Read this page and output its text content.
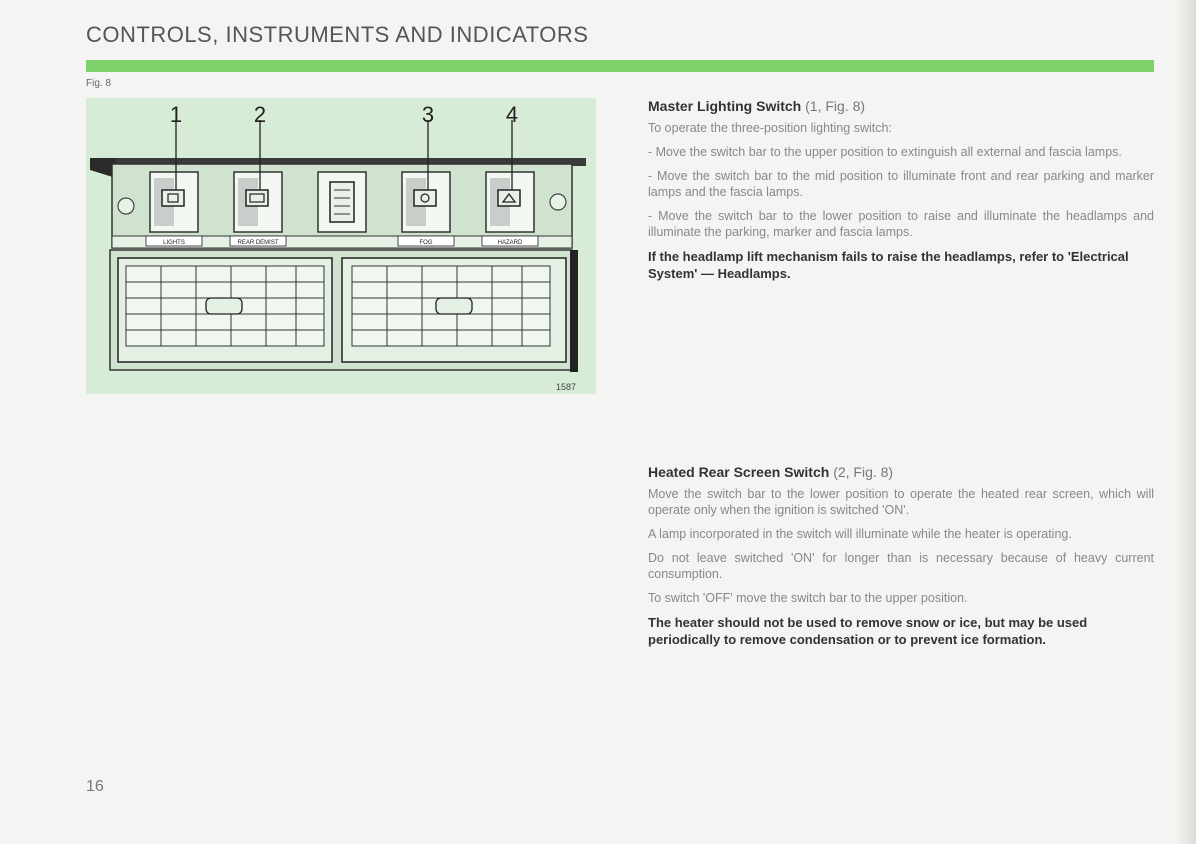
CONTROLS, INSTRUMENTS AND INDICATORS
Fig. 8
1	2	3	4
LIGHTS	REAR DEMIST	FOG	HAZARD
1587
Master Lighting Switch (1, Fig. 8)

To operate the three-position lighting switch:

- Move the switch bar to the upper position to extinguish all external and fascia lamps.

- Move the switch bar to the mid position to illuminate front and rear parking and marker lamps and the fascia lamps.

- Move the switch bar to the lower position to raise and illuminate the headlamps and illuminate the parking, marker and fascia lamps.

If the headlamp lift mechanism fails to raise the headlamps, refer to 'Electrical System' — Headlamps.

Heated Rear Screen Switch (2, Fig. 8)

Move the switch bar to the lower position to operate the heated rear screen, which will operate only when the ignition is switched 'ON'.

A lamp incorporated in the switch will illuminate while the heater is operating.

Do not leave switched 'ON' for longer than is necessary because of heavy current consumption.

To switch 'OFF' move the switch bar to the upper position.

The heater should not be used to remove snow or ice, but may be used periodically to remove condensation or to prevent ice formation.

16
